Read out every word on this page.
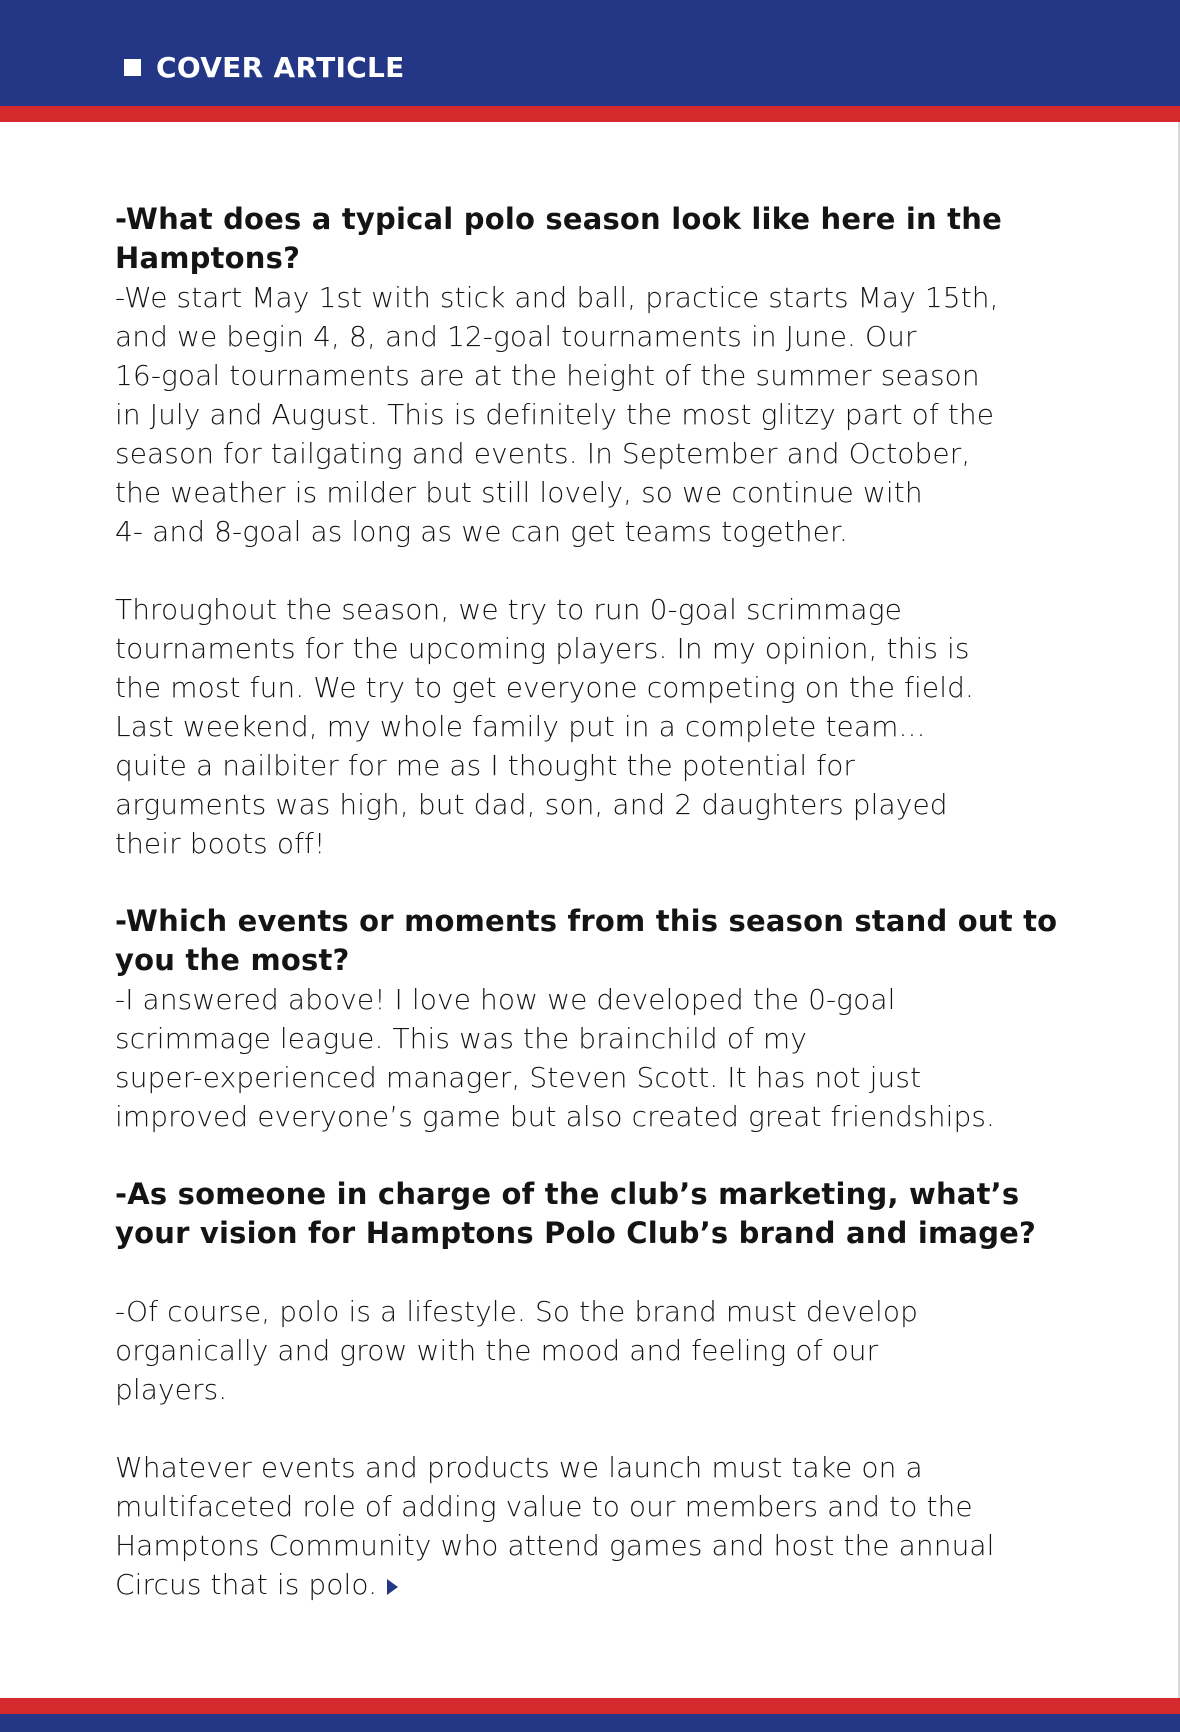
COVER ARTICLE

-What does a typical polo season look like here in the
Hamptons?

-We start May 1st with stick and ball, practice starts May 15th,
and we begin 4, 8, and 12-goal tournaments in June. Our
16-goal tournaments are at the height of the summer season
in July and August. This is definitely the most glitzy part of the
season for tailgating and events. In September and October,
the weather is milder but still lovely, so we continue with
4- and 8-goal as long as we can get teams together.

Throughout the season, we try to run 0-goal scrimmage
tournaments for the upcoming players. In my opinion, this is
the most fun. We try to get everyone competing on the field.
Last weekend, my whole family put in a complete team...
quite a nailbiter for me as I thought the potential for
arguments was high, but dad, son, and 2 daughters played
their boots off!

-Which events or moments from this season stand out to
you the most?

-I answered above! I love how we developed the 0-goal
scrimmage league. This was the brainchild of my
super-experienced manager, Steven Scott. It has not just
improved everyone’s game but also created great friendships.

-As someone in charge of the club’s marketing, what’s
your vision for Hamptons Polo Club’s brand and image?

-Of course, polo is a lifestyle. So the brand must develop
organically and grow with the mood and feeling of our
players.

Whatever events and products we launch must take on a
multifaceted role of adding value to our members and to the
Hamptons Community who attend games and host the annual
Circus that is polo.
